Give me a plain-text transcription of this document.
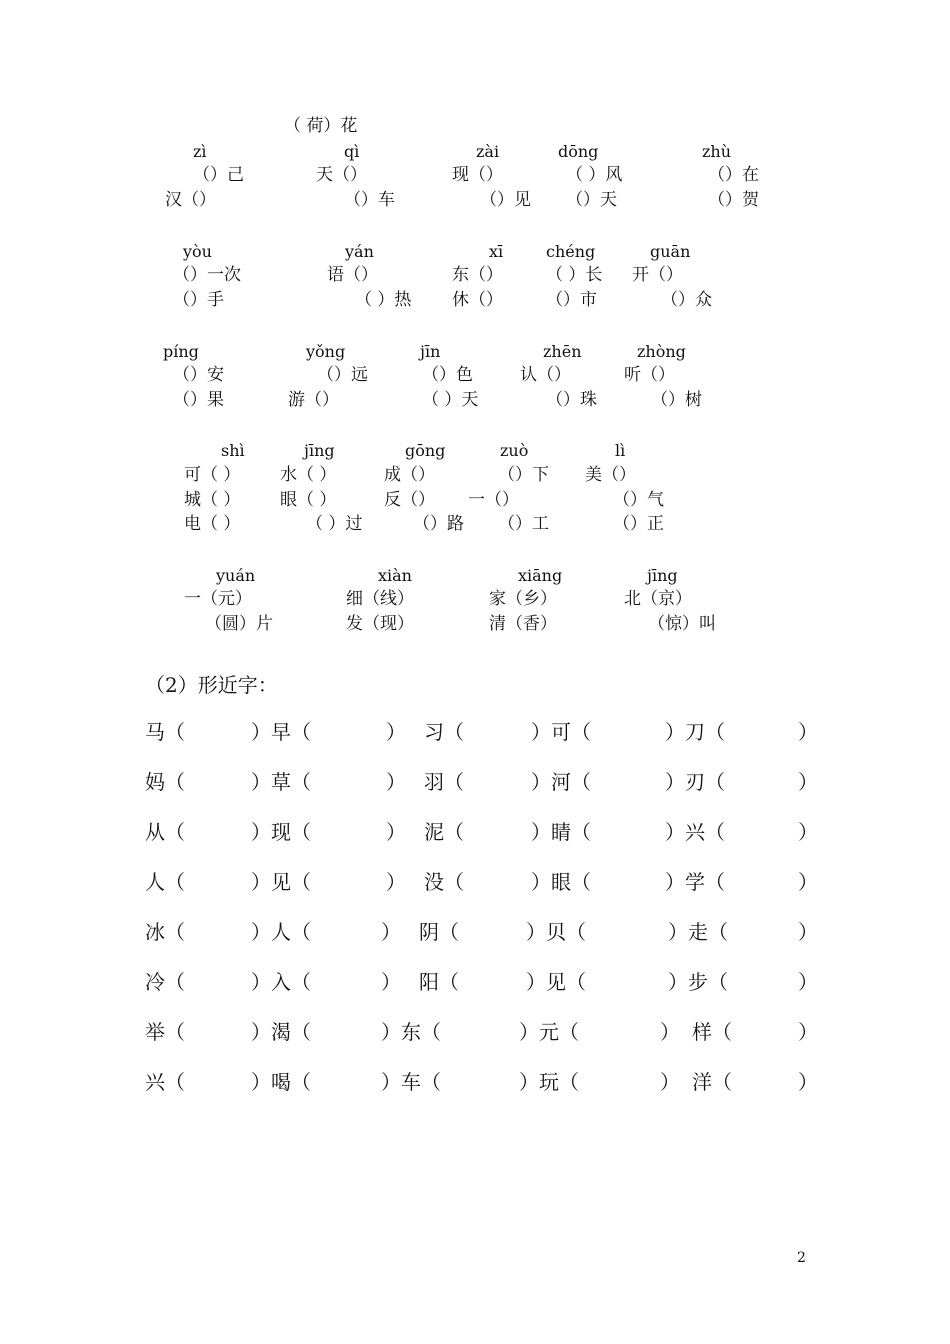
（ 荷）花
zì	qì	zài	dōng	zhù
（）己	天（）	现（）	（ ）风	（）在
汉（）	（）车	（）见 （）天	（）贺
yòu	yán	xī	chéng	guān
（）一次	语（）	东（）	（ ）长 开（）
（）手	（ ）热 休（）	（）市	（）众
píng	yǒng	jīn	zhēn	zhòng
（）安	（）远	（）色	认（）	听（）
（）果	游（）	（ ）天	（）珠	（）树
shì	jīng	gōng	zuò	lì
可（ ） 水（ ）	成（）	（）下 美（）
城（ ） 眼（ ）	反（） 一（）	（）气
电（ ）	（ ）过	（）路 （）工	（）正
yuán	xiàn	xiāng	jīng
一（元）	细（线）	家（乡）	北（京）
（圆）片	发（现）	清（香）	（惊）叫
（2）形近字：
马（	）早（	） 习（	）可（	）刀（	）
妈（	）草（	） 羽（	）河（	）刃（	）
从（	）现（	） 泥（	）睛（	）兴（	）
人（	）见（	） 没（	）眼（	）学（	）
冰（	）人（	） 阴（	）贝（	）走（	）
冷（	）入（	） 阳（	）见（	）步（	）
举（	）渴（	）东（	）元（	） 样（	）
兴（	）喝（	）车（	）玩（	） 洋（	）
2
